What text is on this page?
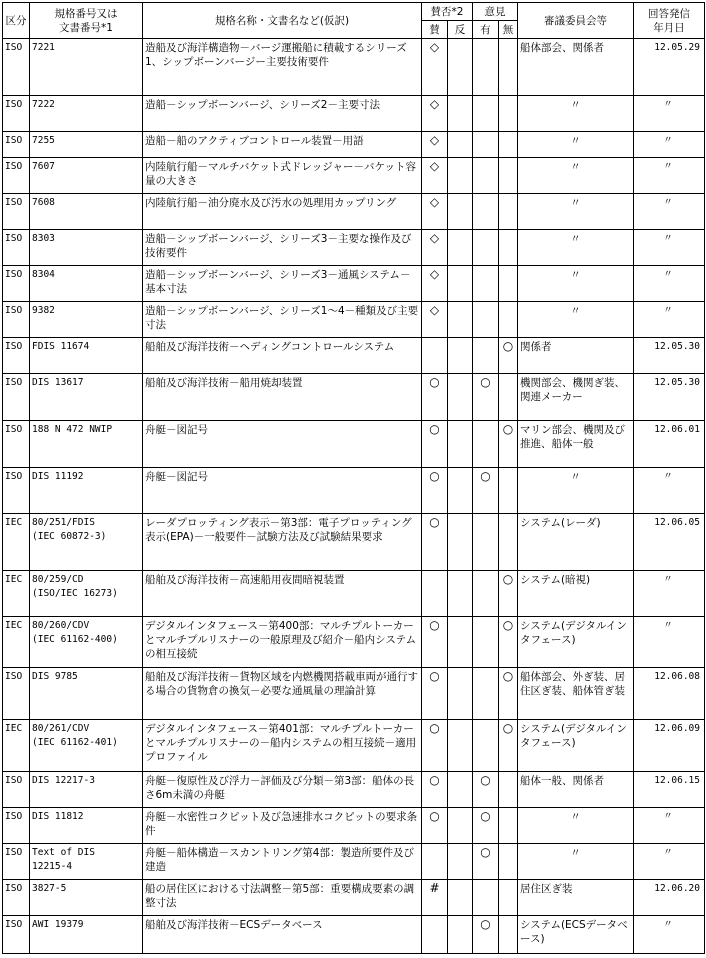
区分	規格番号又は
文書番号*1	規格名称・文書名など(仮訳)	賛否*2		意見		審議委員会等	回答発信
年月日
			賛	反	有	無		
ISO	7221	造船及び海洋構造物－バージ運搬船に積載するシリーズ1、シップボーンバージー主要技術要件	◇				船体部会、関係者	12.05.29
ISO	7222	造船－シップボーンバージ、シリーズ2－主要寸法	◇				〃	〃
ISO	7255	造船－船のアクティブコントロール装置－用語	◇				〃	〃
ISO	7607	内陸航行船－マルチバケット式ドレッジャー－バケット容量の大きさ	◇				〃	〃
ISO	7608	内陸航行船－油分廃水及び汚水の処理用カップリング	◇				〃	〃
ISO	8303	造船－シップボーンバージ、シリーズ3－主要な操作及び技術要件	◇				〃	〃
ISO	8304	造船－シップボーンバージ、シリーズ3－通風システム－基本寸法	◇				〃	〃
ISO	9382	造船－シップボーンバージ、シリーズ1～4－種類及び主要寸法	◇				〃	〃
ISO	FDIS 11674	船舶及び海洋技術－ヘディングコントロールシステム				○	関係者	12.05.30
ISO	DIS 13617	船舶及び海洋技術－船用焼却装置	○		○		機関部会、機関ぎ装、関連メーカー	12.05.30
ISO	188 N 472 NWIP	舟艇－図記号	○			○	マリン部会、機関及び推進、船体一般	12.06.01
ISO	DIS 11192	舟艇－図記号	○		○		〃	〃
IEC	80/251/FDIS
(IEC 60872-3)	レーダプロッティング表示－第3部：電子プロッティング表示(EPA)－一般要件－試験方法及び試験結果要求	○				システム(レーダ)	12.06.05
IEC	80/259/CD
(ISO/IEC 16273)	船舶及び海洋技術－高速船用夜間暗視装置				○	システム(暗視)	〃
IEC	80/260/CDV
(IEC 61162-400)	デジタルインタフェース－第400部：マルチプルトーカーとマルチプルリスナーの一般原理及び紹介－船内システムの相互接続	○			○	システム(デジタルインタフェース)	〃
ISO	DIS 9785	船舶及び海洋技術－貨物区域を内燃機関搭載車両が通行する場合の貨物倉の換気－必要な通風量の理論計算	○			○	船体部会、外ぎ装、居住区ぎ装、船体管ぎ装	12.06.08
IEC	80/261/CDV
(IEC 61162-401)	デジタルインタフェース－第401部：マルチプルトーカーとマルチプルリスナーの－船内システムの相互接続－適用プロファイル	○			○	システム(デジタルインタフェース)	12.06.09
ISO	DIS 12217-3	舟艇－復原性及び浮力－評価及び分類－第3部：船体の長さ6m未満の舟艇	○		○		船体一般、関係者	12.06.15
ISO	DIS 11812	舟艇－水密性コクピット及び急速排水コクピットの要求条件	○		○		〃	〃
ISO	Text of DIS
12215-4	舟艇－船体構造－スカントリング第4部：製造所要件及び建造			○		〃	〃
ISO	3827-5	船の居住区における寸法調整－第5部：重要構成要素の調整寸法	#				居住区ぎ装	12.06.20
ISO	AWI 19379	船舶及び海洋技術－ECSデータベース			○		システム(ECSデータベース)	〃
